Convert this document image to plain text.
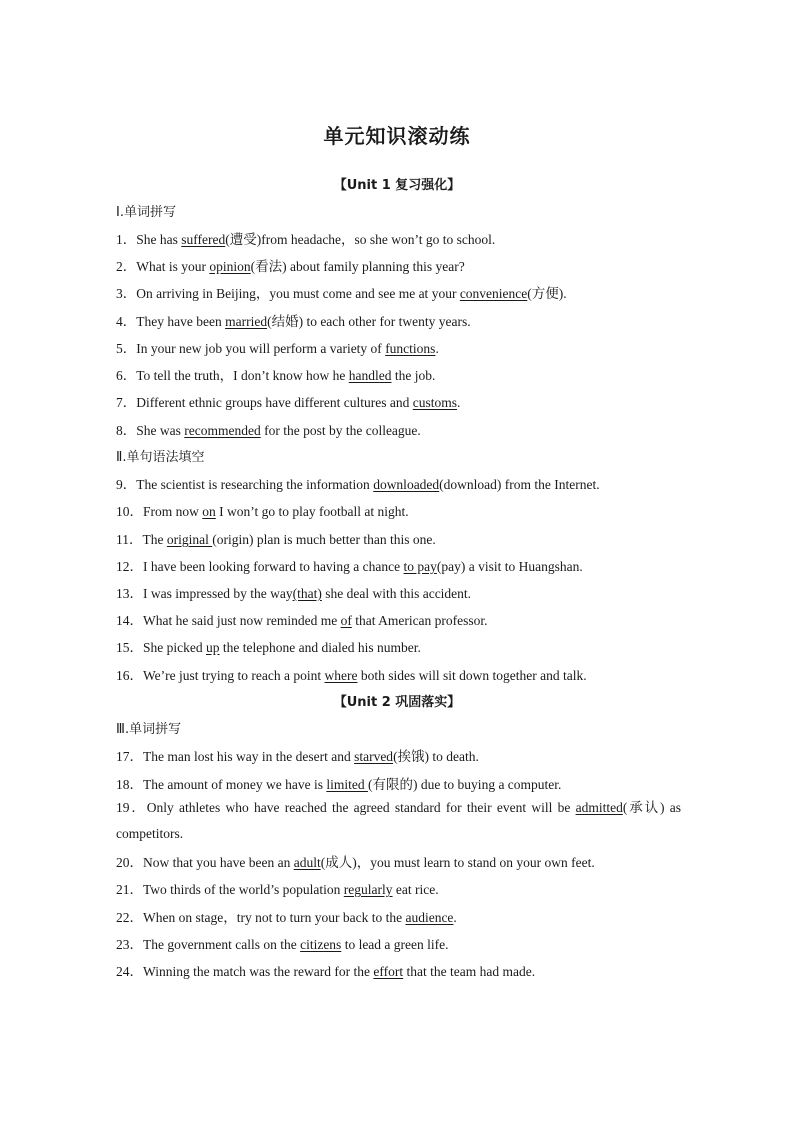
单元知识滚动练
【Unit 1 复习强化】
Ⅰ.单词拼写
1．She has suffered(遭受)from headache，so she won’t go to school.
2．What is your opinion(看法) about family planning this year?
3．On arriving in Beijing，you must come and see me at your convenience(方便).
4．They have been married(结婚) to each other for twenty years.
5．In your new job you will perform a variety of functions.
6．To tell the truth，I don’t know how he handled the job.
7．Different ethnic groups have different cultures and customs.
8．She was recommended for the post by the colleague.
Ⅱ.单句语法填空
9．The scientist is researching the information downloaded(download) from the Internet.
10．From now on I won’t go to play football at night.
11．The original (origin) plan is much better than this one.
12．I have been looking forward to having a chance to pay(pay) a visit to Huangshan.
13．I was impressed by the way(that) she deal with this accident.
14．What he said just now reminded me of that American professor.
15．She picked up the telephone and dialed his number.
16．We’re just trying to reach a point where both sides will sit down together and talk.
【Unit 2 巩固落实】
Ⅲ.单词拼写
17．The man lost his way in the desert and starved(挨饿) to death.
18．The amount of money we have is limited (有限的) due to buying a computer.
19．Only athletes who have reached the agreed standard for their event will be admitted(承认) as competitors.
20．Now that you have been an adult(成人)，you must learn to stand on your own feet.
21．Two thirds of the world’s population regularly eat rice.
22．When on stage，try not to turn your back to the audience.
23．The government calls on the citizens to lead a green life.
24．Winning the match was the reward for the effort that the team had made.
